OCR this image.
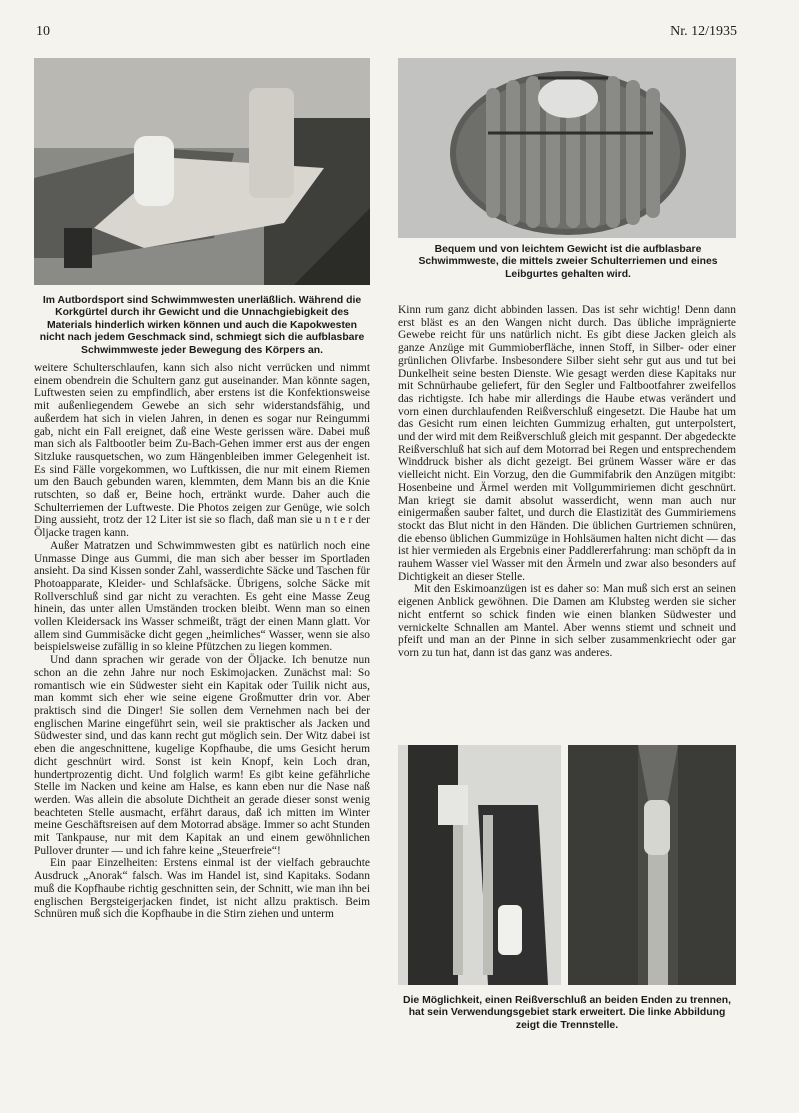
10	Nr. 12/1935
Bequem und von leichtem Gewicht ist die aufblasbare Schwimmweste, die mittels zweier Schulterriemen und eines Leibgurtes gehalten wird.
Im Autbordsport sind Schwimmwesten unerläßlich. Während die Korkgürtel durch ihr Gewicht und die Unnachgiebigkeit des Materials hinderlich wirken können und auch die Kapokwesten nicht nach jedem Geschmack sind, schmiegt sich die aufblasbare Schwimmweste jeder Bewegung des Körpers an.

weitere Schulterschlaufen, kann sich also nicht verrücken und nimmt einem obendrein die Schultern ganz gut auseinander. Man könnte sagen, Luftwesten seien zu empfindlich, aber erstens ist die Konfektionsweise mit außenliegendem Gewebe an sich sehr widerstandsfähig, und außerdem hat sich in vielen Jahren, in denen es sogar nur Reingummi gab, nicht ein Fall ereignet, daß eine Weste gerissen wäre. Dabei muß man sich als Faltbootler beim Zu-Bach-Gehen immer erst aus der engen Sitzluke rausquetschen, wo zum Hängenbleiben immer Gelegenheit ist. Es sind Fälle vorgekommen, wo Luftkissen, die nur mit einem Riemen um den Bauch gebunden waren, klemmten, dem Mann bis an die Knie rutschten, so daß er, Beine hoch, ertränkt wurde. Daher auch die Schulterriemen der Luftweste. Die Photos zeigen zur Genüge, wie solch Ding aussieht, trotz der 12 Liter ist sie so flach, daß man sie u n t e r der Öljacke tragen kann.

Außer Matratzen und Schwimmwesten gibt es natürlich noch eine Unmasse Dinge aus Gummi, die man sich aber besser im Sportladen ansieht. Da sind Kissen sonder Zahl, wasserdichte Säcke und Taschen für Photoapparate, Kleider- und Schlafsäcke. Übrigens, solche Säcke mit Rollverschluß sind gar nicht zu verachten. Es geht eine Masse Zeug hinein, das unter allen Umständen trocken bleibt. Wenn man so einen vollen Kleidersack ins Wasser schmeißt, trägt der einen Mann glatt. Vor allem sind Gummisäcke dicht gegen „heimliches“ Wasser, wenn sie also beispielsweise zufällig in so kleine Pfützchen zu liegen kommen.

Und dann sprachen wir gerade von der Öljacke. Ich benutze nun schon an die zehn Jahre nur noch Eskimojacken. Zunächst mal: So romantisch wie ein Südwester sieht ein Kapitak oder Tuilik nicht aus, man kommt sich eher wie seine eigene Großmutter drin vor. Aber praktisch sind die Dinger! Sie sollen dem Vernehmen nach bei der englischen Marine eingeführt sein, weil sie praktischer als Jacken und Südwester sind, und das kann recht gut möglich sein. Der Witz dabei ist eben die angeschnittene, kugelige Kopfhaube, die ums Gesicht herum dicht geschnürt wird. Sonst ist kein Knopf, kein Loch dran, hundertprozentig dicht. Und folglich warm! Es gibt keine gefährliche Stelle im Nacken und keine am Halse, es kann eben nur die Nase naß werden. Was allein die absolute Dichtheit an gerade dieser sonst wenig beachteten Stelle ausmacht, erfährt daraus, daß ich mitten im Winter meine Geschäftsreisen auf dem Motorrad absäge. Immer so acht Stunden mit Tankpause, nur mit dem Kapitak an und einem gewöhnlichen Pullover drunter — und ich fahre keine „Steuerfreie“!

Ein paar Einzelheiten: Erstens einmal ist der vielfach gebrauchte Ausdruck „Anorak“ falsch. Was im Handel ist, sind Kapitaks. Sodann muß die Kopfhaube richtig geschnitten sein, der Schnitt, wie man ihn bei englischen Bergsteigerjacken findet, ist nicht allzu praktisch. Beim Schnüren muß sich die Kopfhaube in die Stirn ziehen und unterm

Kinn rum ganz dicht abbinden lassen. Das ist sehr wichtig! Denn dann erst bläst es an den Wangen nicht durch. Das übliche imprägnierte Gewebe reicht für uns natürlich nicht. Es gibt diese Jacken gleich als ganze Anzüge mit Gummioberfläche, innen Stoff, in Silber- oder einer grünlichen Olivfarbe. Insbesondere Silber sieht sehr gut aus und tut bei Dunkelheit seine besten Dienste. Wie gesagt werden diese Kapitaks nur mit Schnürhaube geliefert, für den Segler und Faltbootfahrer zweifellos das richtigste. Ich habe mir allerdings die Haube etwas verändert und vorn einen durchlaufenden Reißverschluß eingesetzt. Die Haube hat um das Gesicht rum einen leichten Gummizug erhalten, gut unterpolstert, und der wird mit dem Reißverschluß gleich mit gespannt. Der abgedeckte Reißverschluß hat sich auf dem Motorrad bei Regen und entsprechendem Winddruck bisher als dicht gezeigt. Bei grünem Wasser wäre er das vielleicht nicht. Ein Vorzug, den die Gummifabrik den Anzügen mitgibt: Hosenbeine und Ärmel werden mit Vollgummiriemen dicht geschnürt. Man kriegt sie damit absolut wasserdicht, wenn man auch nur einigermaßen sauber faltet, und durch die Elastizität des Gummiriemens stockt das Blut nicht in den Händen. Die üblichen Gurtriemen schnüren, die ebenso üblichen Gummizüge in Hohlsäumen halten nicht dicht — das ist hier vermieden als Ergebnis einer Paddlererfahrung: man schöpft da in rauhem Wasser viel Wasser mit den Ärmeln und zwar also besonders auf Dichtigkeit an dieser Stelle.

Mit den Eskimoanzügen ist es daher so: Man muß sich erst an seinen eigenen Anblick gewöhnen. Die Damen am Klubsteg werden sie sicher nicht entfernt so schick finden wie einen blanken Südwester und vernickelte Schnallen am Mantel. Aber wenns stiemt und schneit und pfeift und man an der Pinne in sich selber zusammenkriecht oder gar vorn zu tun hat, dann ist das ganz was anderes.

Die Möglichkeit, einen Reißverschluß an beiden Enden zu trennen, hat sein Verwendungsgebiet stark erweitert. Die linke Abbildung zeigt die Trennstelle.
